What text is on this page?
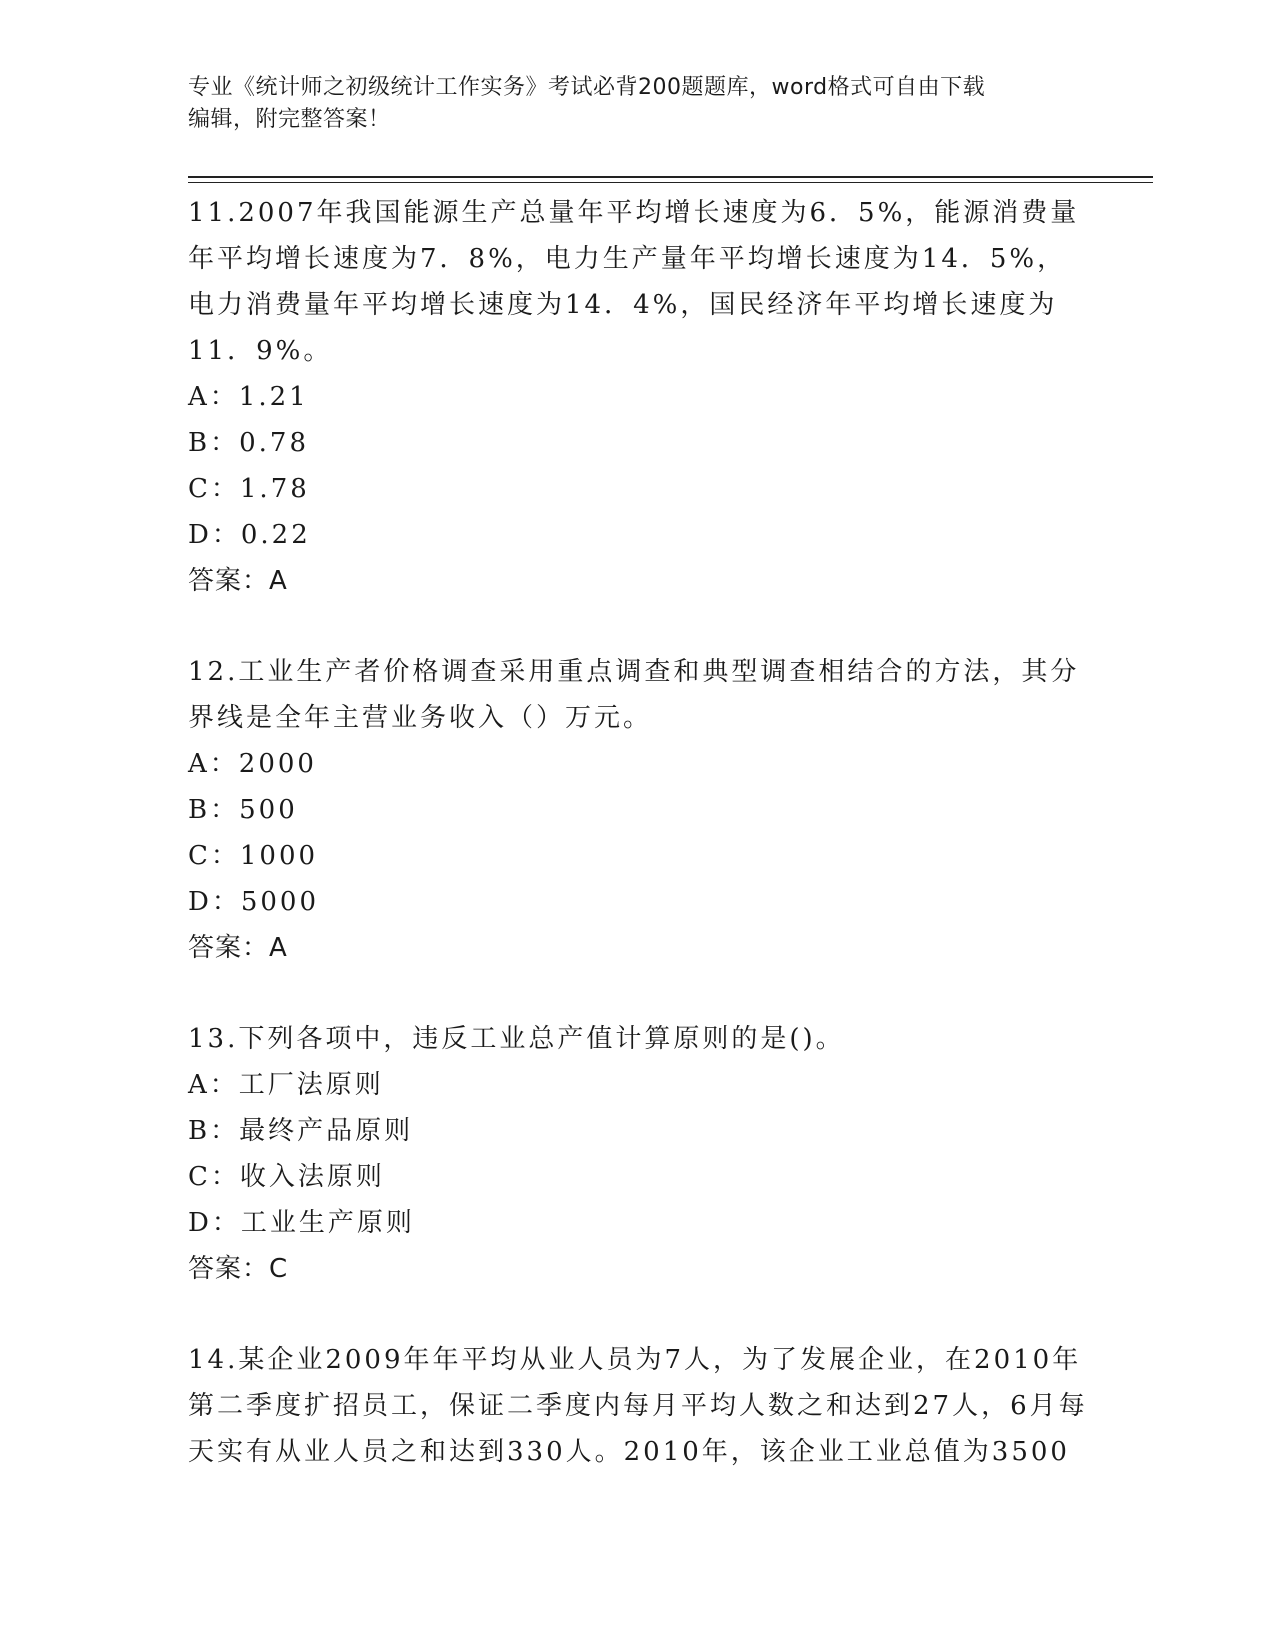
专业《统计师之初级统计工作实务》考试必背200题题库，word格式可自由下载
编辑，附完整答案！
11.2007年我国能源生产总量年平均增长速度为6．5%，能源消费量年平均增长速度为7．8%，电力生产量年平均增长速度为14．5%，电力消费量年平均增长速度为14．4%，国民经济年平均增长速度为11．9%。
A：1.21
B：0.78
C：1.78
D：0.22
答案：A
12.工业生产者价格调查采用重点调查和典型调查相结合的方法，其分界线是全年主营业务收入（）万元。
A：2000
B：500
C：1000
D：5000
答案：A
13.下列各项中，违反工业总产值计算原则的是()。
A：工厂法原则
B：最终产品原则
C：收入法原则
D：工业生产原则
答案：C
14.某企业2009年年平均从业人员为7人，为了发展企业，在2010年第二季度扩招员工，保证二季度内每月平均人数之和达到27人，6月每天实有从业人员之和达到330人。2010年，该企业工业总值为3500
